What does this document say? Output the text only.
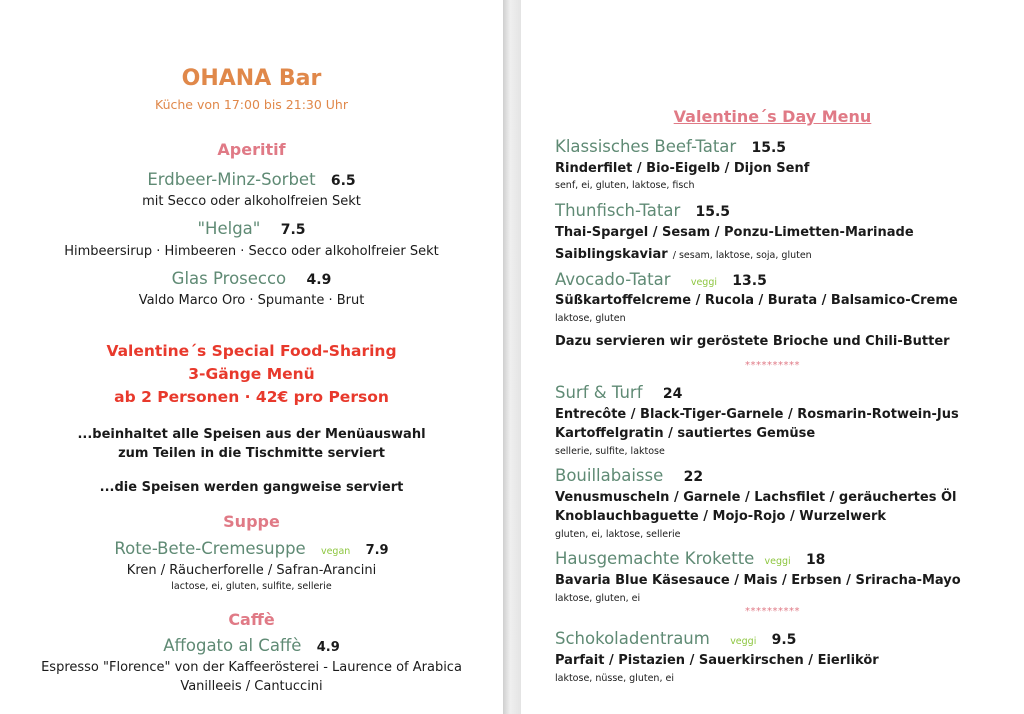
OHANA Bar
Küche von 17:00 bis 21:30 Uhr
Aperitif
Erdbeer-Minz-Sorbet 6.5
mit Secco oder alkoholfreien Sekt
"Helga" 7.5
Himbeersirup · Himbeeren · Secco oder alkoholfreier Sekt
Glas Prosecco 4.9
Valdo Marco Oro · Spumante · Brut
Valentine´s Special Food-Sharing
3-Gänge Menü
ab 2 Personen · 42€ pro Person
...beinhaltet alle Speisen aus der Menüauswahl
zum Teilen in die Tischmitte serviert
...die Speisen werden gangweise serviert
Suppe
Rote-Bete-Cremesuppe vegan 7.9
Kren / Räucherforelle / Safran-Arancini
lactose, ei, gluten, sulfite, sellerie
Caffè
Affogato al Caffè 4.9
Espresso "Florence" von der Kaffeerösterei - Laurence of Arabica
Vanilleeis / Cantuccini
Valentine´s Day Menu
Klassisches Beef-Tatar 15.5
Rinderfilet / Bio-Eigelb / Dijon Senf
senf, ei, gluten, laktose, fisch
Thunfisch-Tatar 15.5
Thai-Spargel / Sesam / Ponzu-Limetten-Marinade
Saiblingskaviar / sesam, laktose, soja, gluten
Avocado-Tatar veggi 13.5
Süßkartoffelcreme / Rucola / Burata / Balsamico-Creme
laktose, gluten
Dazu servieren wir geröstete Brioche und Chili-Butter
**********
Surf & Turf 24
Entrecôte / Black-Tiger-Garnele / Rosmarin-Rotwein-Jus
Kartoffelgratin / sautiertes Gemüse
sellerie, sulfite, laktose
Bouillabaisse 22
Venusmuscheln / Garnele / Lachsfilet / geräuchertes Öl
Knoblauchbaguette / Mojo-Rojo / Wurzelwerk
gluten, ei, laktose, sellerie
Hausgemachte Krokette veggi 18
Bavaria Blue Käsesauce / Mais / Erbsen / Sriracha-Mayo
laktose, gluten, ei
**********
Schokoladentraum veggi 9.5
Parfait / Pistazien / Sauerkirschen / Eierlikör
laktose, nüsse, gluten, ei
